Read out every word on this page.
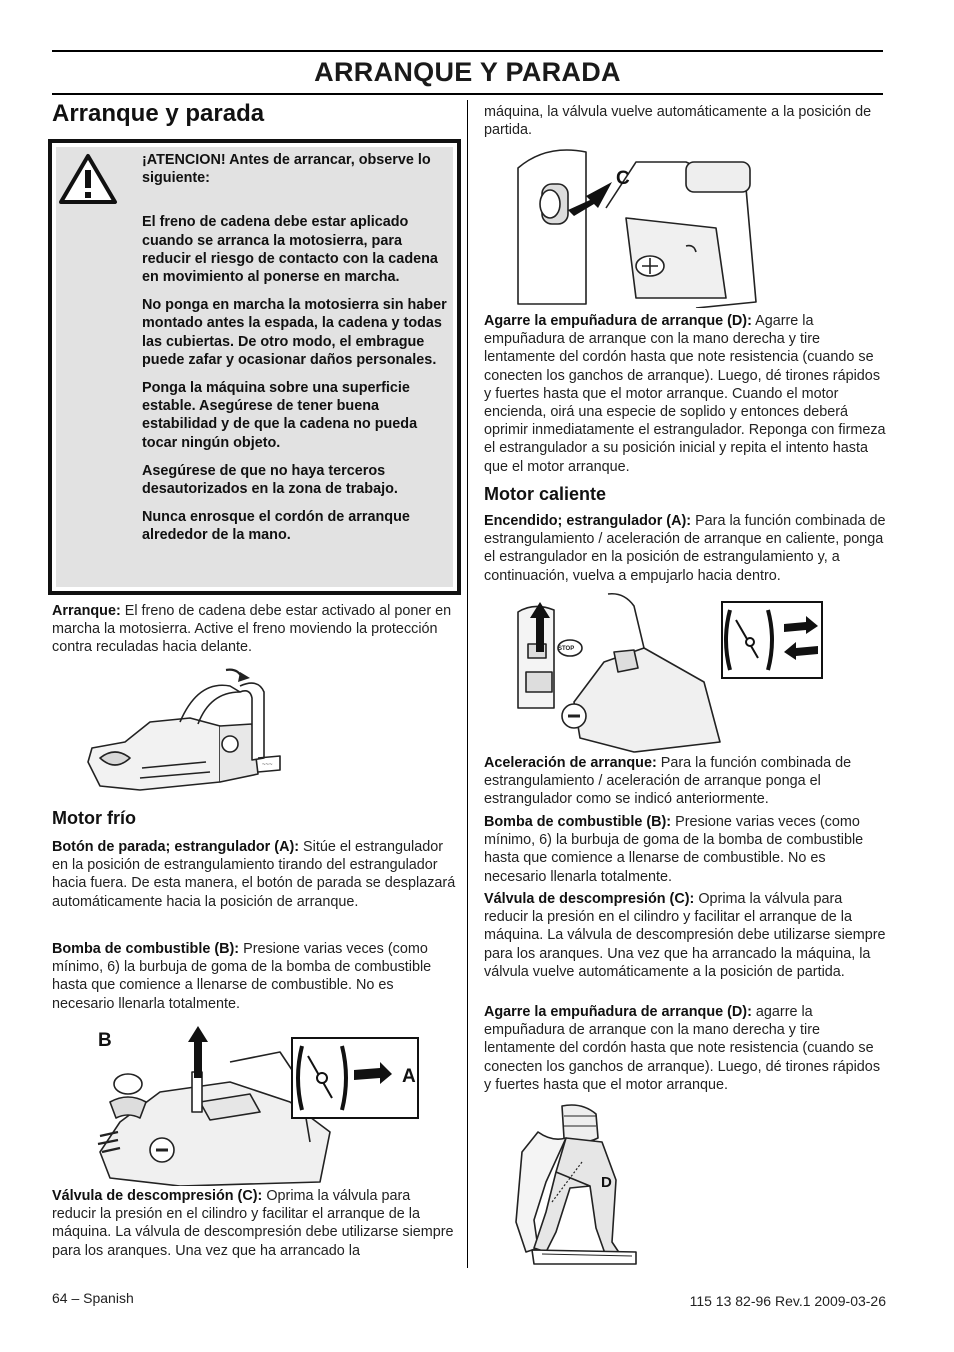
ARRANQUE Y PARADA
Arranque y parada

¡ATENCION! Antes de arrancar, observe lo siguiente:

El freno de cadena debe estar aplicado cuando se arranca la motosierra, para reducir el riesgo de contacto con la cadena en movimiento al ponerse en marcha.

No ponga en marcha la motosierra sin haber montado antes la espada, la cadena y todas las cubiertas. De otro modo, el embrague puede zafar y ocasionar daños personales.

Ponga la máquina sobre una superficie estable. Asegúrese de tener buena estabilidad y de que la cadena no pueda tocar ningún objeto.

Asegúrese de que no haya terceros desautorizados en la zona de trabajo.

Nunca enrosque el cordón de arranque alrededor de la mano.

Arranque: El freno de cadena debe estar activado al poner en marcha la motosierra. Active el freno moviendo la protección contra reculadas hacia delante.
~~~
Motor frío
Botón de parada; estrangulador (A): Sitúe el estrangulador en la posición de estrangulamiento tirando del estrangulador hacia fuera. De esta manera, el botón de parada se desplazará automáticamente hacia la posición de arranque.
Bomba de combustible (B): Presione varias veces (como mínimo, 6) la burbuja de goma de la bomba de combustible hasta que comience a llenarse de combustible. No es necesario llenarla totalmente.
B
A
Válvula de descompresión (C): Oprima la válvula para reducir la presión en el cilindro y facilitar el arranque de la máquina. La válvula de descompresión debe utilizarse siempre para los aranques. Una vez que ha arrancado la
máquina, la válvula vuelve automáticamente a la posición de partida.
C
Agarre la empuñadura de arranque (D): Agarre la empuñadura de arranque con la mano derecha y tire lentamente del cordón hasta que note resistencia (cuando se conecten los ganchos de arranque). Luego, dé tirones rápidos y fuertes hasta que el motor arranque. Cuando el motor encienda, oirá una especie de soplido y entonces deberá oprimir inmediatamente el estrangulador. Reponga con firmeza el estrangulador a su posición inicial y repita el intento hasta que el motor arranque.
Motor caliente
Encendido; estrangulador (A): Para la función combinada de estrangulamiento / aceleración de arranque en caliente, ponga el estrangulador en la posición de estrangulamiento y, a continuación, vuelva a empujarlo hacia dentro.
STOP
Aceleración de arranque: Para la función combinada de estrangulamiento / aceleración de arranque ponga el estrangulador como se indicó anteriormente.
Bomba de combustible (B): Presione varias veces (como mínimo, 6) la burbuja de goma de la bomba de combustible hasta que comience a llenarse de combustible. No es necesario llenarla totalmente.
Válvula de descompresión (C): Oprima la válvula para reducir la presión en el cilindro y facilitar el arranque de la máquina. La válvula de descompresión debe utilizarse siempre para los aranques. Una vez que ha arrancado la máquina, la válvula vuelve automáticamente a la posición de partida.
Agarre la empuñadura de arranque (D): agarre la empuñadura de arranque con la mano derecha y tire lentamente del cordón hasta que note resistencia (cuando se conecten los ganchos de arranque). Luego, dé tirones rápidos y fuertes hasta que el motor arranque.
D
64 – Spanish	115 13 82-96 Rev.1 2009-03-26
